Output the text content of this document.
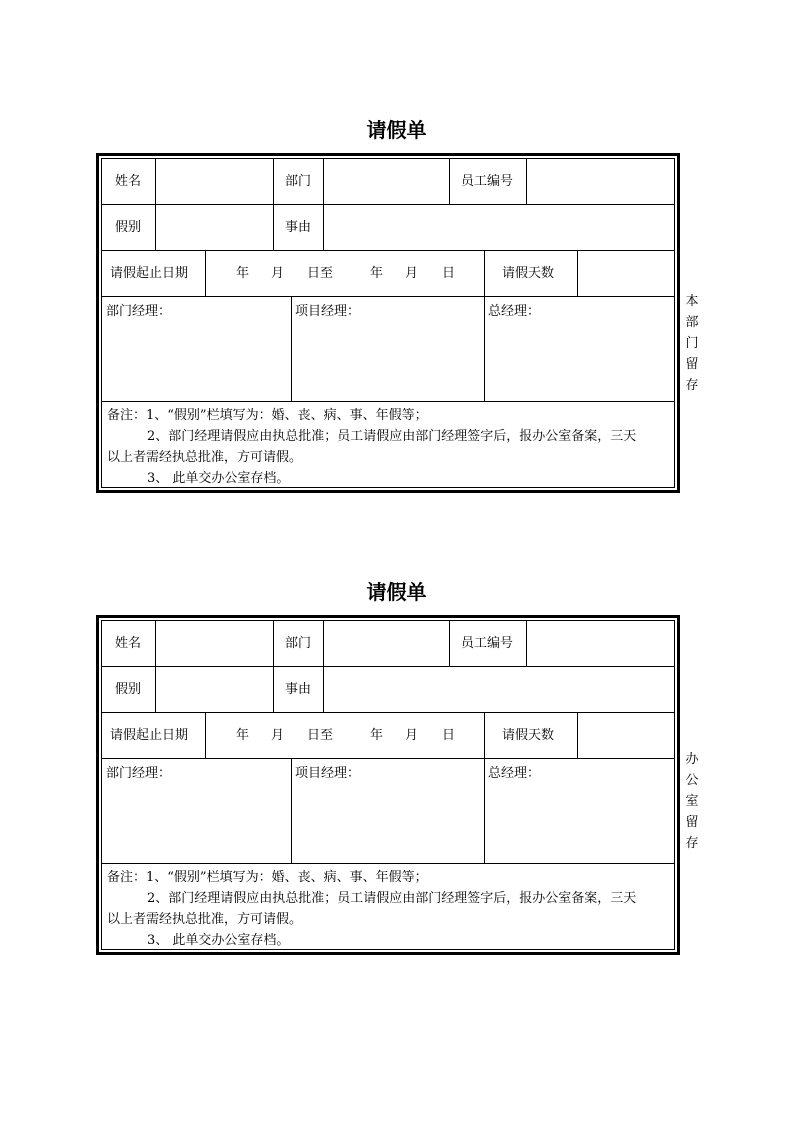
请假单
姓名	部门	员工编号
假别	事由
请假起止日期	年 月 日至	年 月 日	请假天数
部门经理：	项目经理：	总经理：
备注：1、“假别”栏填写为：婚、丧、病、事、年假等；
2、部门经理请假应由执总批准；员工请假应由部门经理签字后，报办公室备案，三天
以上者需经执总批准，方可请假。
3、 此单交办公室存档。
本
部
门
留
存
请假单
姓名	部门	员工编号
假别	事由
请假起止日期	年 月 日至	年 月 日	请假天数
部门经理：	项目经理：	总经理：
备注：1、“假别”栏填写为：婚、丧、病、事、年假等；
2、部门经理请假应由执总批准；员工请假应由部门经理签字后，报办公室备案，三天
以上者需经执总批准，方可请假。
3、 此单交办公室存档。
办
公
室
留
存
